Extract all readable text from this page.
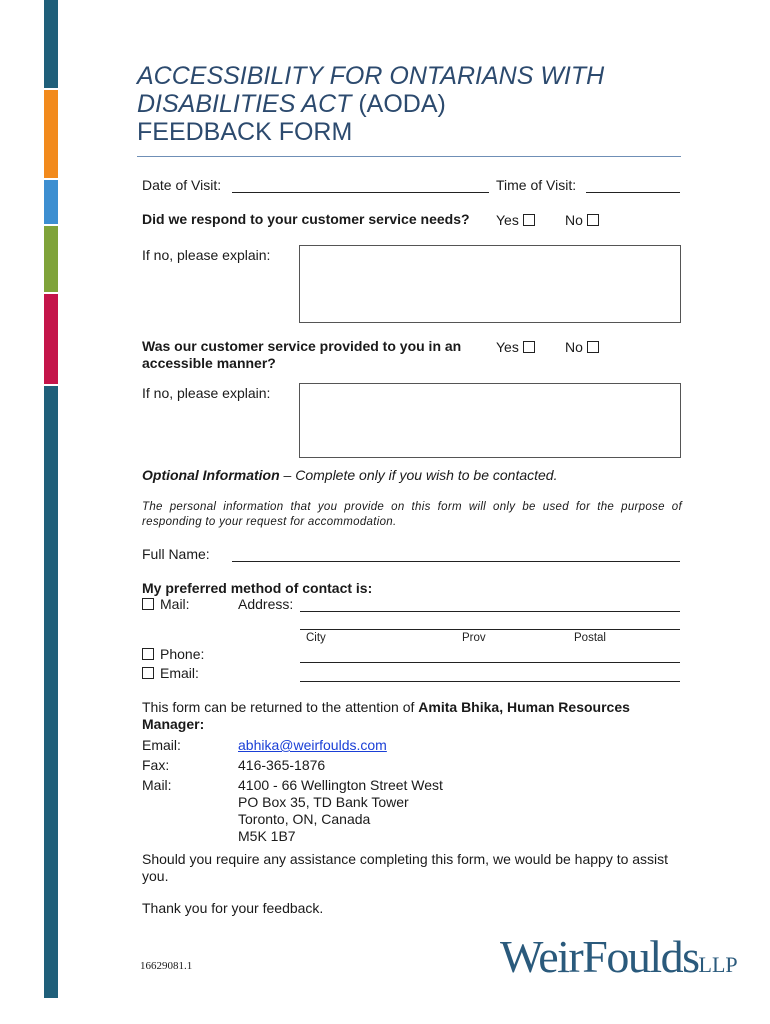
ACCESSIBILITY FOR ONTARIANS WITH
DISABILITIES ACT (AODA)
FEEDBACK FORM
Date of Visit:	Time of Visit:
Did we respond to your customer service needs? Yes	No
If no, please explain:
Was our customer service provided to you in an
accessible manner?
Yes	No
If no, please explain:
Optional Information – Complete only if you wish to be contacted.
The personal information that you provide on this form will only be used for the purpose of responding to your request for accommodation.
Full Name:
My preferred method of contact is:
Mail:	Address:
City	Prov	Postal
Phone:
Email:
This form can be returned to the attention of Amita Bhika, Human Resources Manager:
Email:	abhika@weirfoulds.com
Fax:	416-365-1876
Mail:	4100 - 66 Wellington Street West
PO Box 35, TD Bank Tower
Toronto, ON, Canada
M5K 1B7
Should you require any assistance completing this form, we would be happy to assist you.
Thank you for your feedback.
16629081.1	WeirFouldsLLP
